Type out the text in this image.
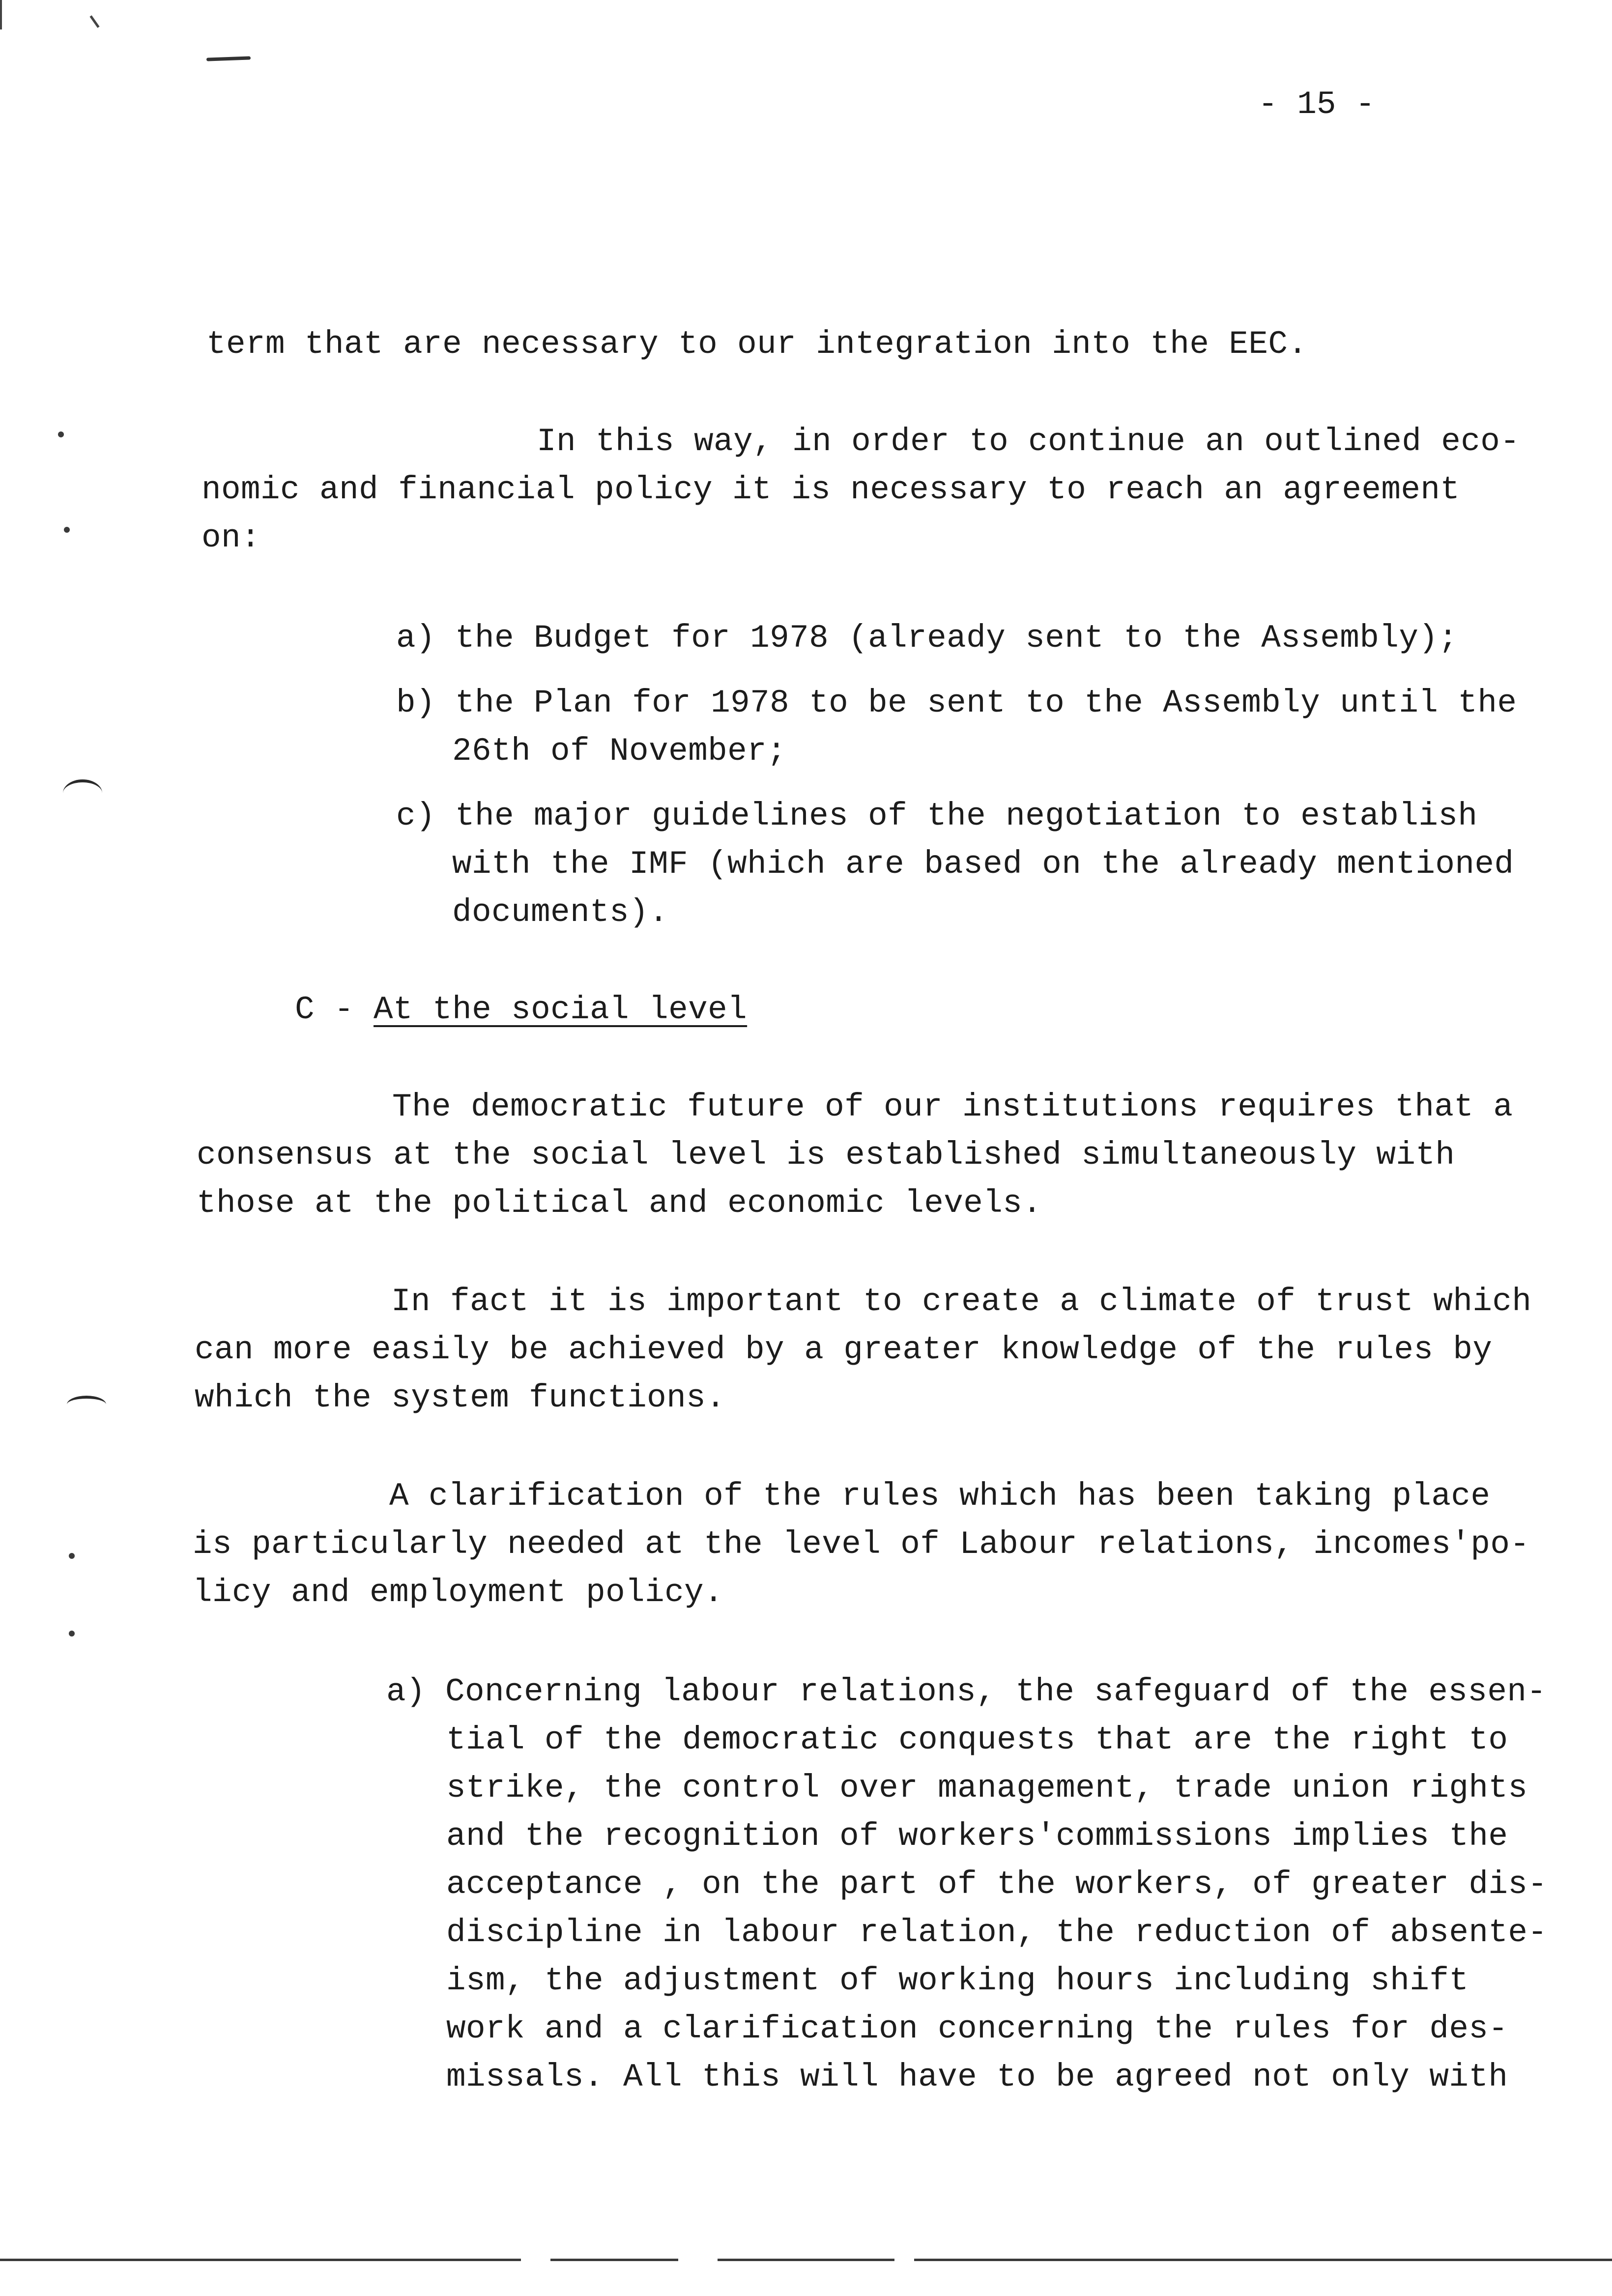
- 15 -
term that are necessary to our integration into the EEC.
In this way, in order to continue an outlined eco-
nomic and financial policy it is necessary to reach an agreement
on:
a) the Budget for 1978 (already sent to the Assembly);
b) the Plan for 1978 to be sent to the Assembly until the
26th of November;
c) the major guidelines of the negotiation to establish
with the IMF (which are based on the already mentioned
documents).
C - At the social level
The democratic future of our institutions requires that a
consensus at the social level is established simultaneously with
those at the political and economic levels.
In fact it is important to create a climate of trust which
can more easily be achieved by a greater knowledge of the rules by
which the system functions.
A clarification of the rules which has been taking place
is particularly needed at the level of Labour relations, incomes'po-
licy and employment policy.
a) Concerning labour relations, the safeguard of the essen-
tial of the democratic conquests that are the right to
strike, the control over management, trade union rights
and the recognition of workers'commissions implies the
acceptance , on the part of the workers, of greater dis-
discipline in labour relation, the reduction of absente-
ism, the adjustment of working hours including shift
work and a clarification concerning the rules for des-
missals. All this will have to be agreed not only with
